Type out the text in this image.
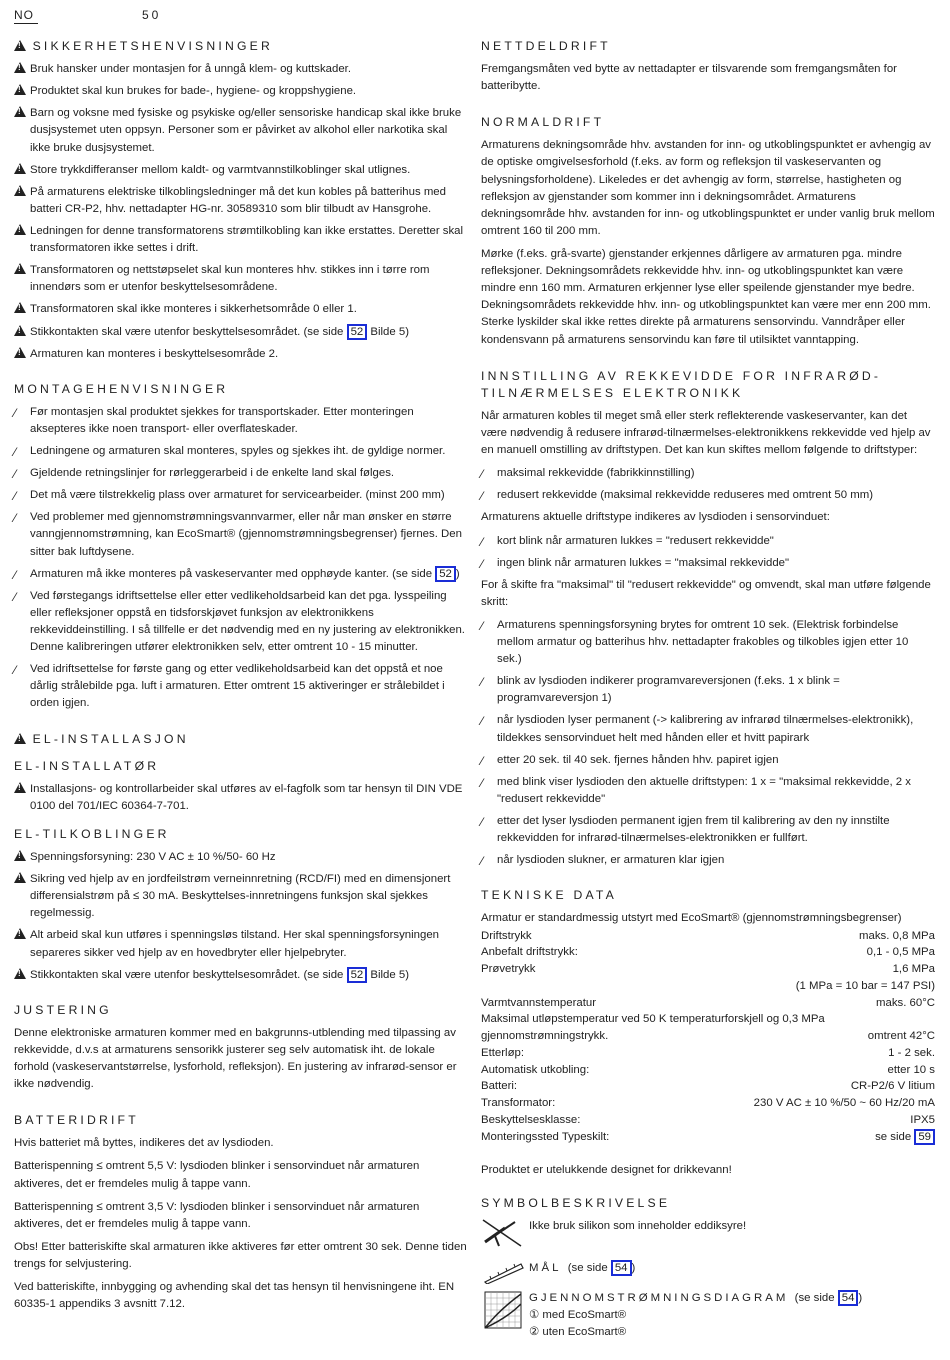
NO	50
! SIKKERHETSHENVISNINGER
!
Bruk hansker under montasjen for å unngå klem- og kuttskader.
!
Produktet skal kun brukes for bade-, hygiene- og kroppshygiene.
!
Barn og voksne med fysiske og psykiske og/eller sensoriske handicap skal ikke bruke dusjsystemet uten oppsyn. Personer som er påvirket av alkohol eller narkotika skal ikke bruke dusjsystemet.
!
Store trykkdifferanser mellom kaldt- og varmtvannstilkoblinger skal utlignes.
!
På armaturens elektriske tilkoblingsledninger må det kun kobles på batterihus med batteri CR-P2, hhv. nettadapter HG-nr. 30589310 som blir tilbudt av Hansgrohe.
!
Ledningen for denne transformatorens strømtilkobling kan ikke erstattes. Deretter skal transformatoren ikke settes i drift.
!
Transformatoren og nettstøpselet skal kun monteres hhv. stikkes inn i tørre rom innendørs som er utenfor beskyttelsesområdene.
!
Transformatoren skal ikke monteres i sikkerhetsområde 0 eller 1.
!
Stikkontakten skal være utenfor beskyttelsesområdet. (se side 52 Bilde 5)
!
Armaturen kan monteres i beskyttelsesområde 2.
MONTAGEHENVISNINGER
⁄ Før montasjen skal produktet sjekkes for transportskader. Etter monteringen aksepteres ikke noen transport- eller overflateskader.
⁄ Ledningene og armaturen skal monteres, spyles og sjekkes iht. de gyldige normer.
⁄ Gjeldende retningslinjer for rørleggerarbeid i de enkelte land skal følges.
⁄ Det må være tilstrekkelig plass over armaturet for servicearbeider. (minst 200 mm)
⁄ Ved problemer med gjennomstrømningsvannvarmer, eller når man ønsker en større vanngjennomstrømning, kan EcoSmart® (gjennomstrømningsbegrenser) fjernes. Den sitter bak luftdysene.
⁄ Armaturen må ikke monteres på vaskeservanter med opphøyde kanter. (se side 52 )
⁄ Ved førstegangs idriftsettelse eller etter vedlikeholdsarbeid kan det pga. lysspeiling eller refleksjoner oppstå en tidsforskjøvet funksjon av elektronikkens rekkeviddeinstilling. I så tillfelle er det nødvendig med en ny justering av elektronikken. Denne kalibreringen utfører elektronikken selv, etter omtrent 10 - 15 minutter.
⁄ Ved idriftsettelse for første gang og etter vedlikeholdsarbeid kan det oppstå et noe dårlig strålebilde pga. luft i armaturen. Etter omtrent 15 aktiveringer er strålebildet i orden igjen.
! EL-INSTALLASJON
EL-INSTALLATØR
!
Installasjons- og kontrollarbeider skal utføres av el-fagfolk som tar hensyn til DIN VDE 0100 del 701/IEC 60364-7-701.
EL-TILKOBLINGER
!
Spenningsforsyning: 230 V AC ± 10 %/50- 60 Hz
!
Sikring ved hjelp av en jordfeilstrøm verneinnretning (RCD/FI) med en dimensjonert differensialstrøm på ≤ 30 mA. Beskyttelses-innretningens funksjon skal sjekkes regelmessig.
!
Alt arbeid skal kun utføres i spenningsløs tilstand. Her skal spenningsforsyningen separeres sikker ved hjelp av en hovedbryter eller hjelpebryter.
!
Stikkontakten skal være utenfor beskyttelsesområdet. (se side 52 Bilde 5)
JUSTERING

Denne elektroniske armaturen kommer med en bakgrunns-utblending med tilpassing av rekkevidde, d.v.s at armaturens sensorikk justerer seg selv automatisk iht. de lokale forhold (vaskeservantstørrelse, lysforhold, refleksjon). En justering av infrarød-sensor er ikke nødvendig.

BATTERIDRIFT

Hvis batteriet må byttes, indikeres det av lysdioden.

Batterispenning ≤ omtrent 5,5 V: lysdioden blinker i sensorvinduet når armaturen aktiveres, det er fremdeles mulig å tappe vann.

Batterispenning ≤ omtrent 3,5 V: lysdioden blinker i sensorvinduet når armaturen aktiveres, det er fremdeles mulig å tappe vann.

Obs! Etter batteriskifte skal armaturen ikke aktiveres før etter omtrent 30 sek. Denne tiden trengs for selvjustering.

Ved batteriskifte, innbygging og avhending skal det tas hensyn til henvisningene iht. EN 60335-1 appendiks 3 avsnitt 7.12.

NETTDELDRIFT

Fremgangsmåten ved bytte av nettadapter er tilsvarende som fremgangsmåten for batteribytte.

NORMALDRIFT

Armaturens dekningsområde hhv. avstanden for inn- og utkoblingspunktet er avhengig av de optiske omgivelsesforhold (f.eks. av form og refleksjon til vaskeservanten og belysningsforholdene). Likeledes er det avhengig av form, størrelse, hastigheten og refleksjon av gjenstander som kommer inn i dekningsområdet. Armaturens dekningsområde hhv. avstanden for inn- og utkoblingspunktet er under vanlig bruk mellom omtrent 160 til 200 mm.

Mørke (f.eks. grå-svarte) gjenstander erkjennes dårligere av armaturen pga. mindre refleksjoner. Dekningsområdets rekkevidde hhv. inn- og utkoblingspunktet kan være mindre enn 160 mm. Armaturen erkjenner lyse eller speilende gjenstander mye bedre. Dekningsområdets rekkevidde hhv. inn- og utkoblingspunktet kan være mer enn 200 mm. Sterke lyskilder skal ikke rettes direkte på armaturens sensorvindu. Vanndråper eller kondensvann på armaturens sensorvindu kan føre til utilsiktet vanntapping.

INNSTILLING AV REKKEVIDDE FOR INFRARØD-TILNÆRMELSES ELEKTRONIKK

Når armaturen kobles til meget små eller sterk reflekterende vaskeservanter, kan det være nødvendig å redusere infrarød-tilnærmelses-elektronikkens rekkevidde ved hjelp av en manuell omstilling av driftstypen. Det kan kun skiftes mellom følgende to driftstyper:

⁄ maksimal rekkevidde (fabrikkinnstilling)
⁄ redusert rekkevidde (maksimal rekkevidde reduseres med omtrent 50 mm)

Armaturens aktuelle driftstype indikeres av lysdioden i sensorvinduet:

⁄ kort blink når armaturen lukkes = "redusert rekkevidde"
⁄ ingen blink når armaturen lukkes = "maksimal rekkevidde"

For å skifte fra "maksimal" til "redusert rekkevidde" og omvendt, skal man utføre følgende skritt:

⁄ Armaturens spenningsforsyning brytes for omtrent 10 sek. (Elektrisk forbindelse mellom armatur og batterihus hhv. nettadapter frakobles og tilkobles igjen etter 10 sek.)
⁄ blink av lysdioden indikerer programvareversjonen (f.eks. 1 x blink = programvareversjon 1)
⁄ når lysdioden lyser permanent (-> kalibrering av infrarød tilnærmelses-elektronikk), tildekkes sensorvinduet helt med hånden eller et hvitt papirark
⁄ etter 20 sek. til 40 sek. fjernes hånden hhv. papiret igjen
⁄ med blink viser lysdioden den aktuelle driftstypen: 1 x = "maksimal rekkevidde, 2 x "redusert rekkevidde"
⁄ etter det lyser lysdioden permanent igjen frem til kalibrering av den ny innstilte rekkevidden for infrarød-tilnærmelses-elektronikken er fullført.
⁄ når lysdioden slukner, er armaturen klar igjen
TEKNISKE DATA
Armatur er standardmessig utstyrt med EcoSmart® (gjennomstrømningsbegrenser)
Driftstrykk	maks. 0,8 MPa
Anbefalt driftstrykk:	0,1 - 0,5 MPa
Prøvetrykk	1,6 MPa
(1 MPa = 10 bar = 147 PSI)
Varmtvannstemperatur	maks. 60°C
Maksimal utløpstemperatur ved 50 K temperaturforskjell og 0,3 MPa gjennomstrømningstrykk.	omtrent 42°C
Etterløp:	1 - 2 sek.
Automatisk utkobling:	etter 10 s
Batteri:	CR-P2/6 V litium
Transformator:	230 V AC ± 10 %/50 ~ 60 Hz/20 mA
Beskyttelsesklasse:	IPX5
Monteringssted Typeskilt:	se side 59

Produktet er utelukkende designet for drikkevann!

SYMBOLBESKRIVELSE
Ikke bruk silikon som inneholder eddiksyre!
MÅL (se side 54 )
GJENNOMSTRØMNINGSDIAGRAM (se side 54 )
① med EcoSmart®
② uten EcoSmart®
